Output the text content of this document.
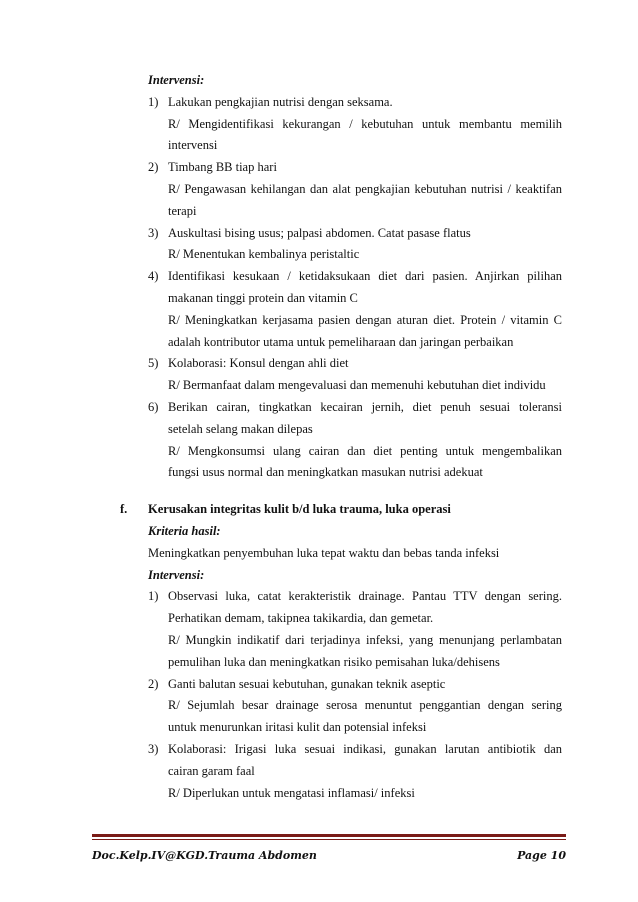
Intervensi:
1) Lakukan pengkajian nutrisi dengan seksama.
R/ Mengidentifikasi kekurangan / kebutuhan untuk membantu memilih
intervensi
2) Timbang BB tiap hari
R/ Pengawasan kehilangan dan alat pengkajian kebutuhan nutrisi / keaktifan
terapi
3) Auskultasi bising usus; palpasi abdomen. Catat pasase flatus
R/ Menentukan kembalinya peristaltic
4) Identifikasi kesukaan / ketidaksukaan diet dari pasien. Anjirkan pilihan
makanan tinggi protein dan vitamin C
R/ Meningkatkan kerjasama pasien dengan aturan diet. Protein / vitamin C
adalah kontributor utama untuk pemeliharaan dan jaringan perbaikan
5) Kolaborasi: Konsul dengan ahli diet
R/ Bermanfaat dalam mengevaluasi dan memenuhi kebutuhan diet individu
6) Berikan cairan, tingkatkan kecairan jernih, diet penuh sesuai toleransi
setelah selang makan dilepas
R/ Mengkonsumsi ulang cairan dan diet penting untuk mengembalikan
fungsi usus normal dan meningkatkan masukan nutrisi adekuat
f. Kerusakan integritas kulit b/d luka trauma, luka operasi
Kriteria hasil:
Meningkatkan penyembuhan luka tepat waktu dan bebas tanda infeksi
Intervensi:
1) Observasi luka, catat kerakteristik drainage. Pantau TTV dengan sering.
Perhatikan demam, takipnea takikardia, dan gemetar.
R/ Mungkin indikatif dari terjadinya infeksi, yang menunjang perlambatan
pemulihan luka dan meningkatkan risiko pemisahan luka/dehisens
2) Ganti balutan sesuai kebutuhan, gunakan teknik aseptic
R/ Sejumlah besar drainage serosa menuntut penggantian dengan sering
untuk menurunkan iritasi kulit dan potensial infeksi
3) Kolaborasi: Irigasi luka sesuai indikasi, gunakan larutan antibiotik dan
cairan garam faal
R/ Diperlukan untuk mengatasi inflamasi/ infeksi
Doc.Kelp.IV@KGD.Trauma Abdomen	Page 10
